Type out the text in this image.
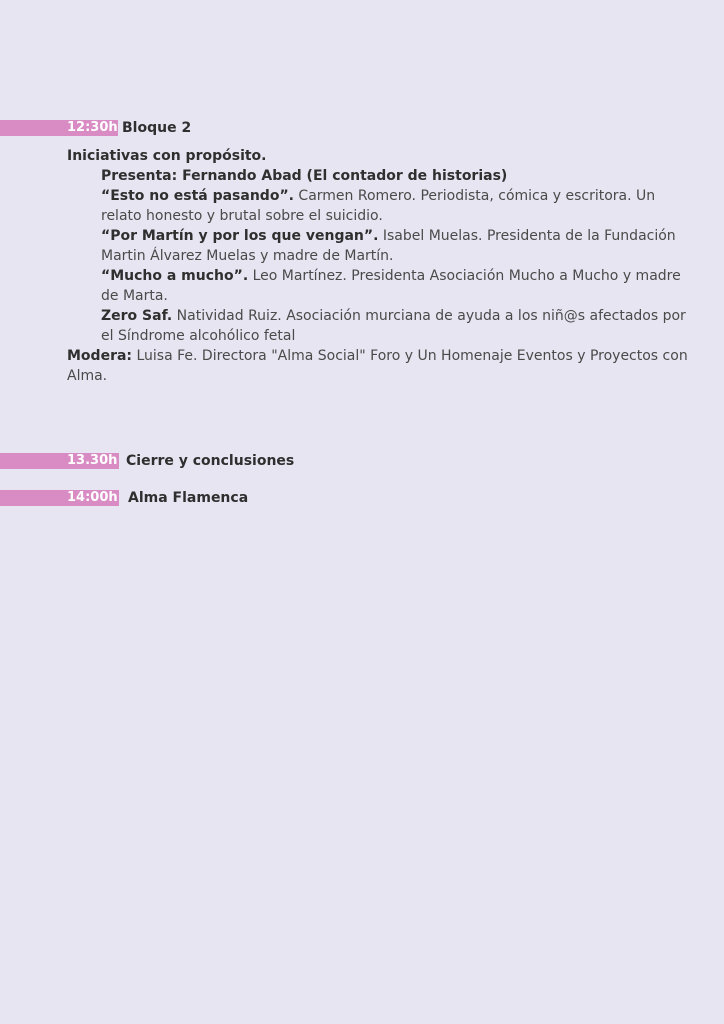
12:30h Bloque 2

Iniciativas con propósito.

Presenta: Fernando Abad (El contador de historias)

“Esto no está pasando”. Carmen Romero. Periodista, cómica y escritora. Un relato honesto y brutal sobre el suicidio.

“Por Martín y por los que vengan”. Isabel Muelas. Presidenta de la Fundación Martin Álvarez Muelas y madre de Martín.

“Mucho a mucho”. Leo Martínez. Presidenta Asociación Mucho a Mucho y madre de Marta.

Zero Saf. Natividad Ruiz. Asociación murciana de ayuda a los niñ@s afectados por el Síndrome alcohólico fetal

Modera: Luisa Fe. Directora "Alma Social" Foro y Un Homenaje Eventos y Proyectos con Alma.

13.30h Cierre y conclusiones
14:00h Alma Flamenca
